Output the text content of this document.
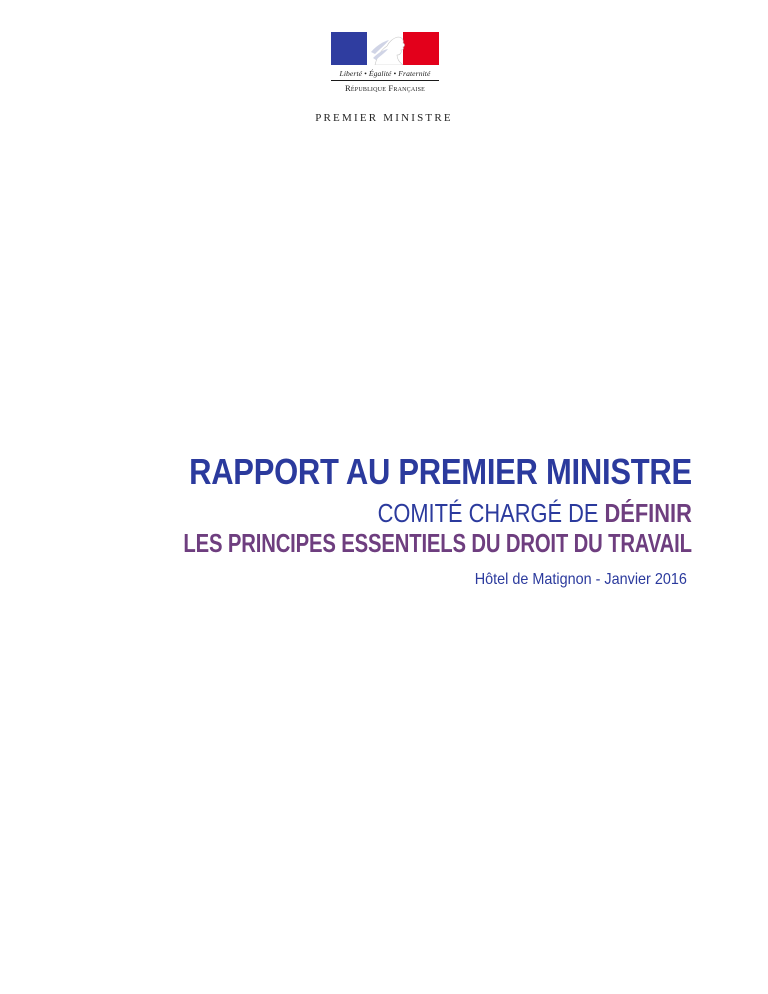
Liberté • Égalité • Fraternité
République Française
PREMIER MINISTRE
RAPPORT AU PREMIER MINISTRE
COMITÉ CHARGÉ DE DÉFINIR
LES PRINCIPES ESSENTIELS DU DROIT DU TRAVAIL
Hôtel de Matignon - Janvier 2016
